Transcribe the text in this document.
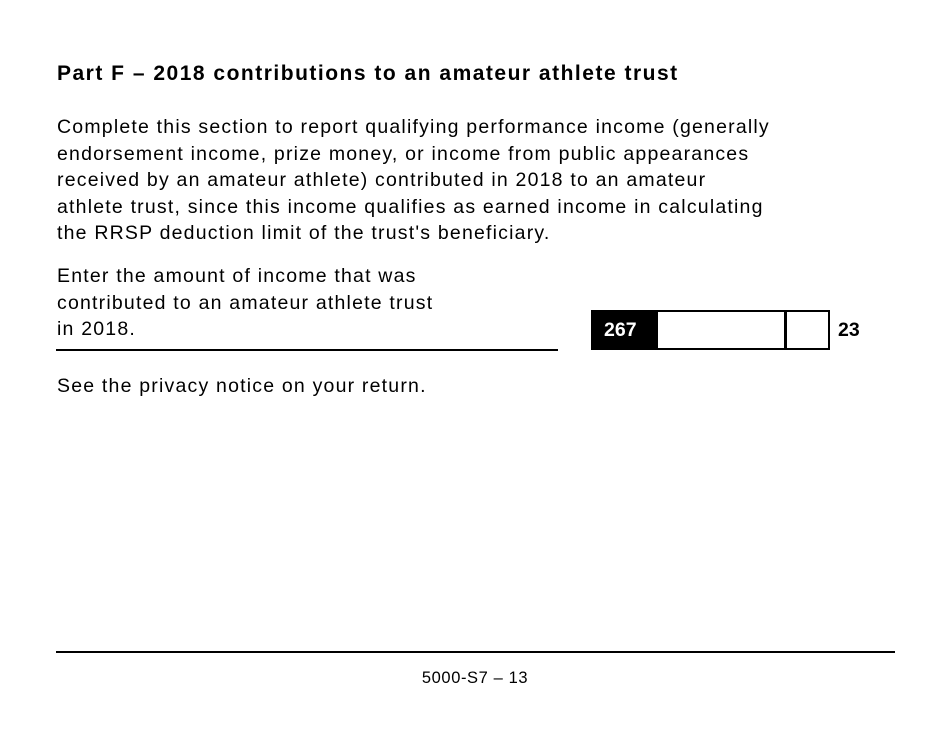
Part F – 2018 contributions to an amateur athlete trust

Complete this section to report qualifying performance income (generally
endorsement income, prize money, or income from public appearances
received by an amateur athlete) contributed in 2018 to an amateur
athlete trust, since this income qualifies as earned income in calculating
the RRSP deduction limit of the trust's beneficiary.

Enter the amount of income that was
contributed to an amateur athlete trust
in 2018.	267	23

See the privacy notice on your return.

5000-S7 – 13
